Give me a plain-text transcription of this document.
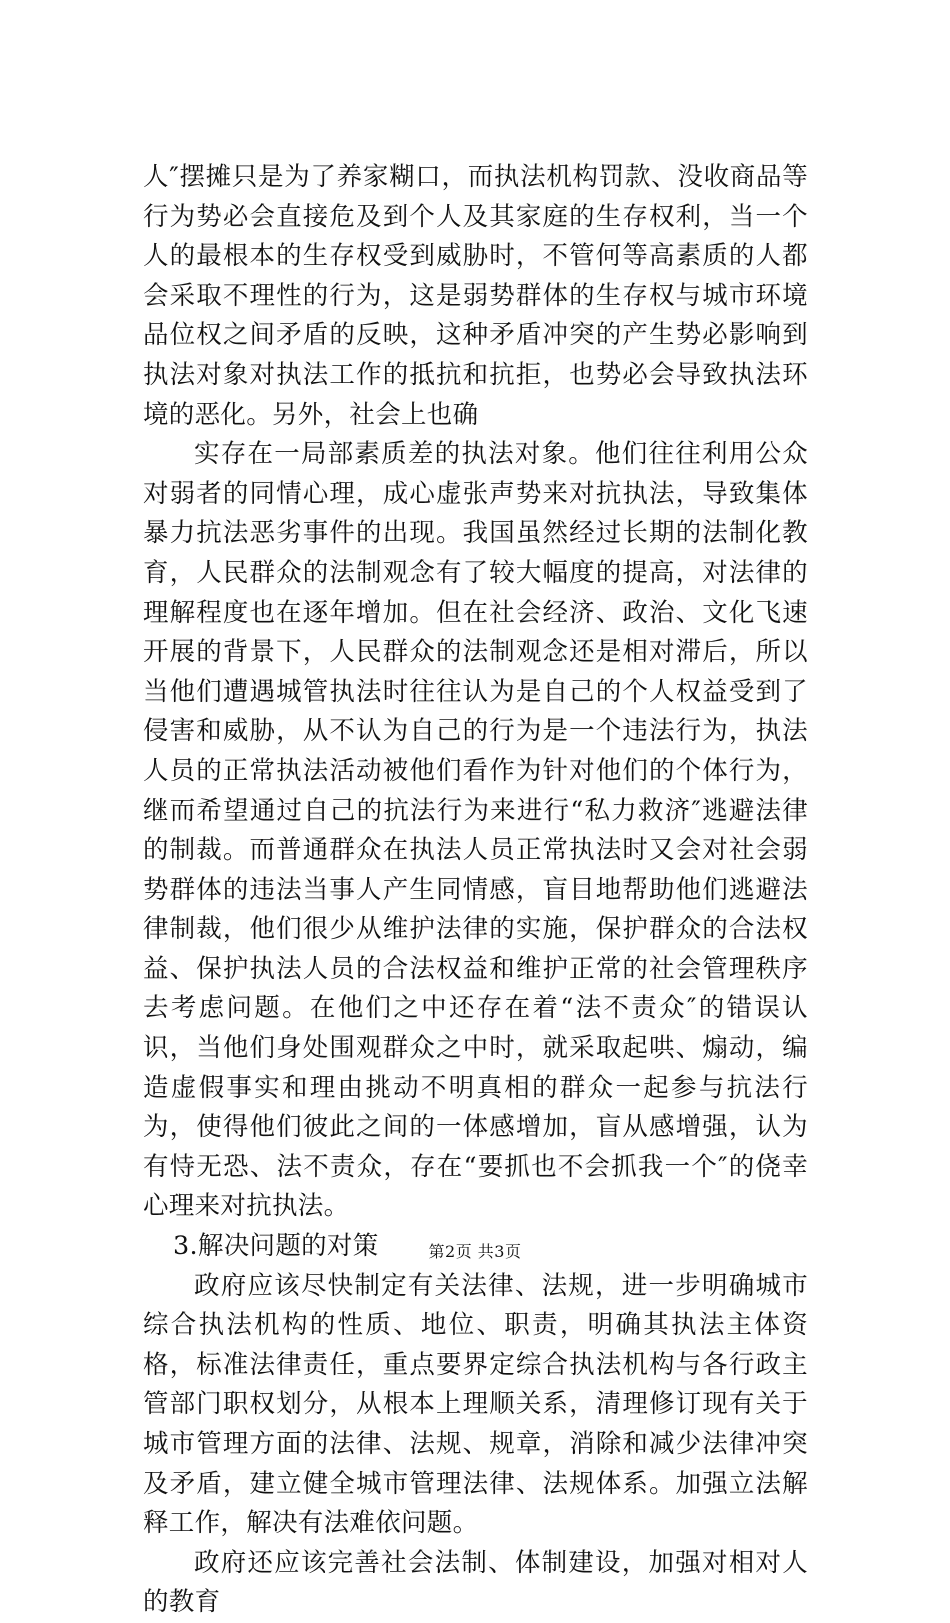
人″摆摊只是为了养家糊口，而执法机构罚款、没收商品等行为势必会直接危及到个人及其家庭的生存权利，当一个人的最根本的生存权受到威胁时，不管何等高素质的人都会采取不理性的行为，这是弱势群体的生存权与城市环境品位权之间矛盾的反映，这种矛盾冲突的产生势必影响到执法对象对执法工作的抵抗和抗拒，也势必会导致执法环境的恶化。另外，社会上也确

实存在一局部素质差的执法对象。他们往往利用公众对弱者的同情心理，成心虚张声势来对抗执法，导致集体暴力抗法恶劣事件的出现。我国虽然经过长期的法制化教育，人民群众的法制观念有了较大幅度的提高，对法律的理解程度也在逐年增加。但在社会经济、政治、文化飞速开展的背景下，人民群众的法制观念还是相对滞后，所以当他们遭遇城管执法时往往认为是自己的个人权益受到了侵害和威胁，从不认为自己的行为是一个违法行为，执法人员的正常执法活动被他们看作为针对他们的个体行为，继而希望通过自己的抗法行为来进行“私力救济″逃避法律的制裁。而普通群众在执法人员正常执法时又会对社会弱势群体的违法当事人产生同情感，盲目地帮助他们逃避法律制裁，他们很少从维护法律的实施，保护群众的合法权益、保护执法人员的合法权益和维护正常的社会管理秩序去考虑问题。在他们之中还存在着“法不责众″的错误认识，当他们身处围观群众之中时，就采取起哄、煽动，编造虚假事实和理由挑动不明真相的群众一起参与抗法行为，使得他们彼此之间的一体感增加，盲从感增强，认为有恃无恐、法不责众，存在“要抓也不会抓我一个″的侥幸心理来对抗执法。

3.解决问题的对策

政府应该尽快制定有关法律、法规，进一步明确城市综合执法机构的性质、地位、职责，明确其执法主体资格，标准法律责任，重点要界定综合执法机构与各行政主管部门职权划分，从根本上理顺关系，清理修订现有关于城市管理方面的法律、法规、规章，消除和减少法律冲突及矛盾，建立健全城市管理法律、法规体系。加强立法解释工作，解决有法难依问题。

政府还应该完善社会法制、体制建设，加强对相对人的教育

第2页 共3页
